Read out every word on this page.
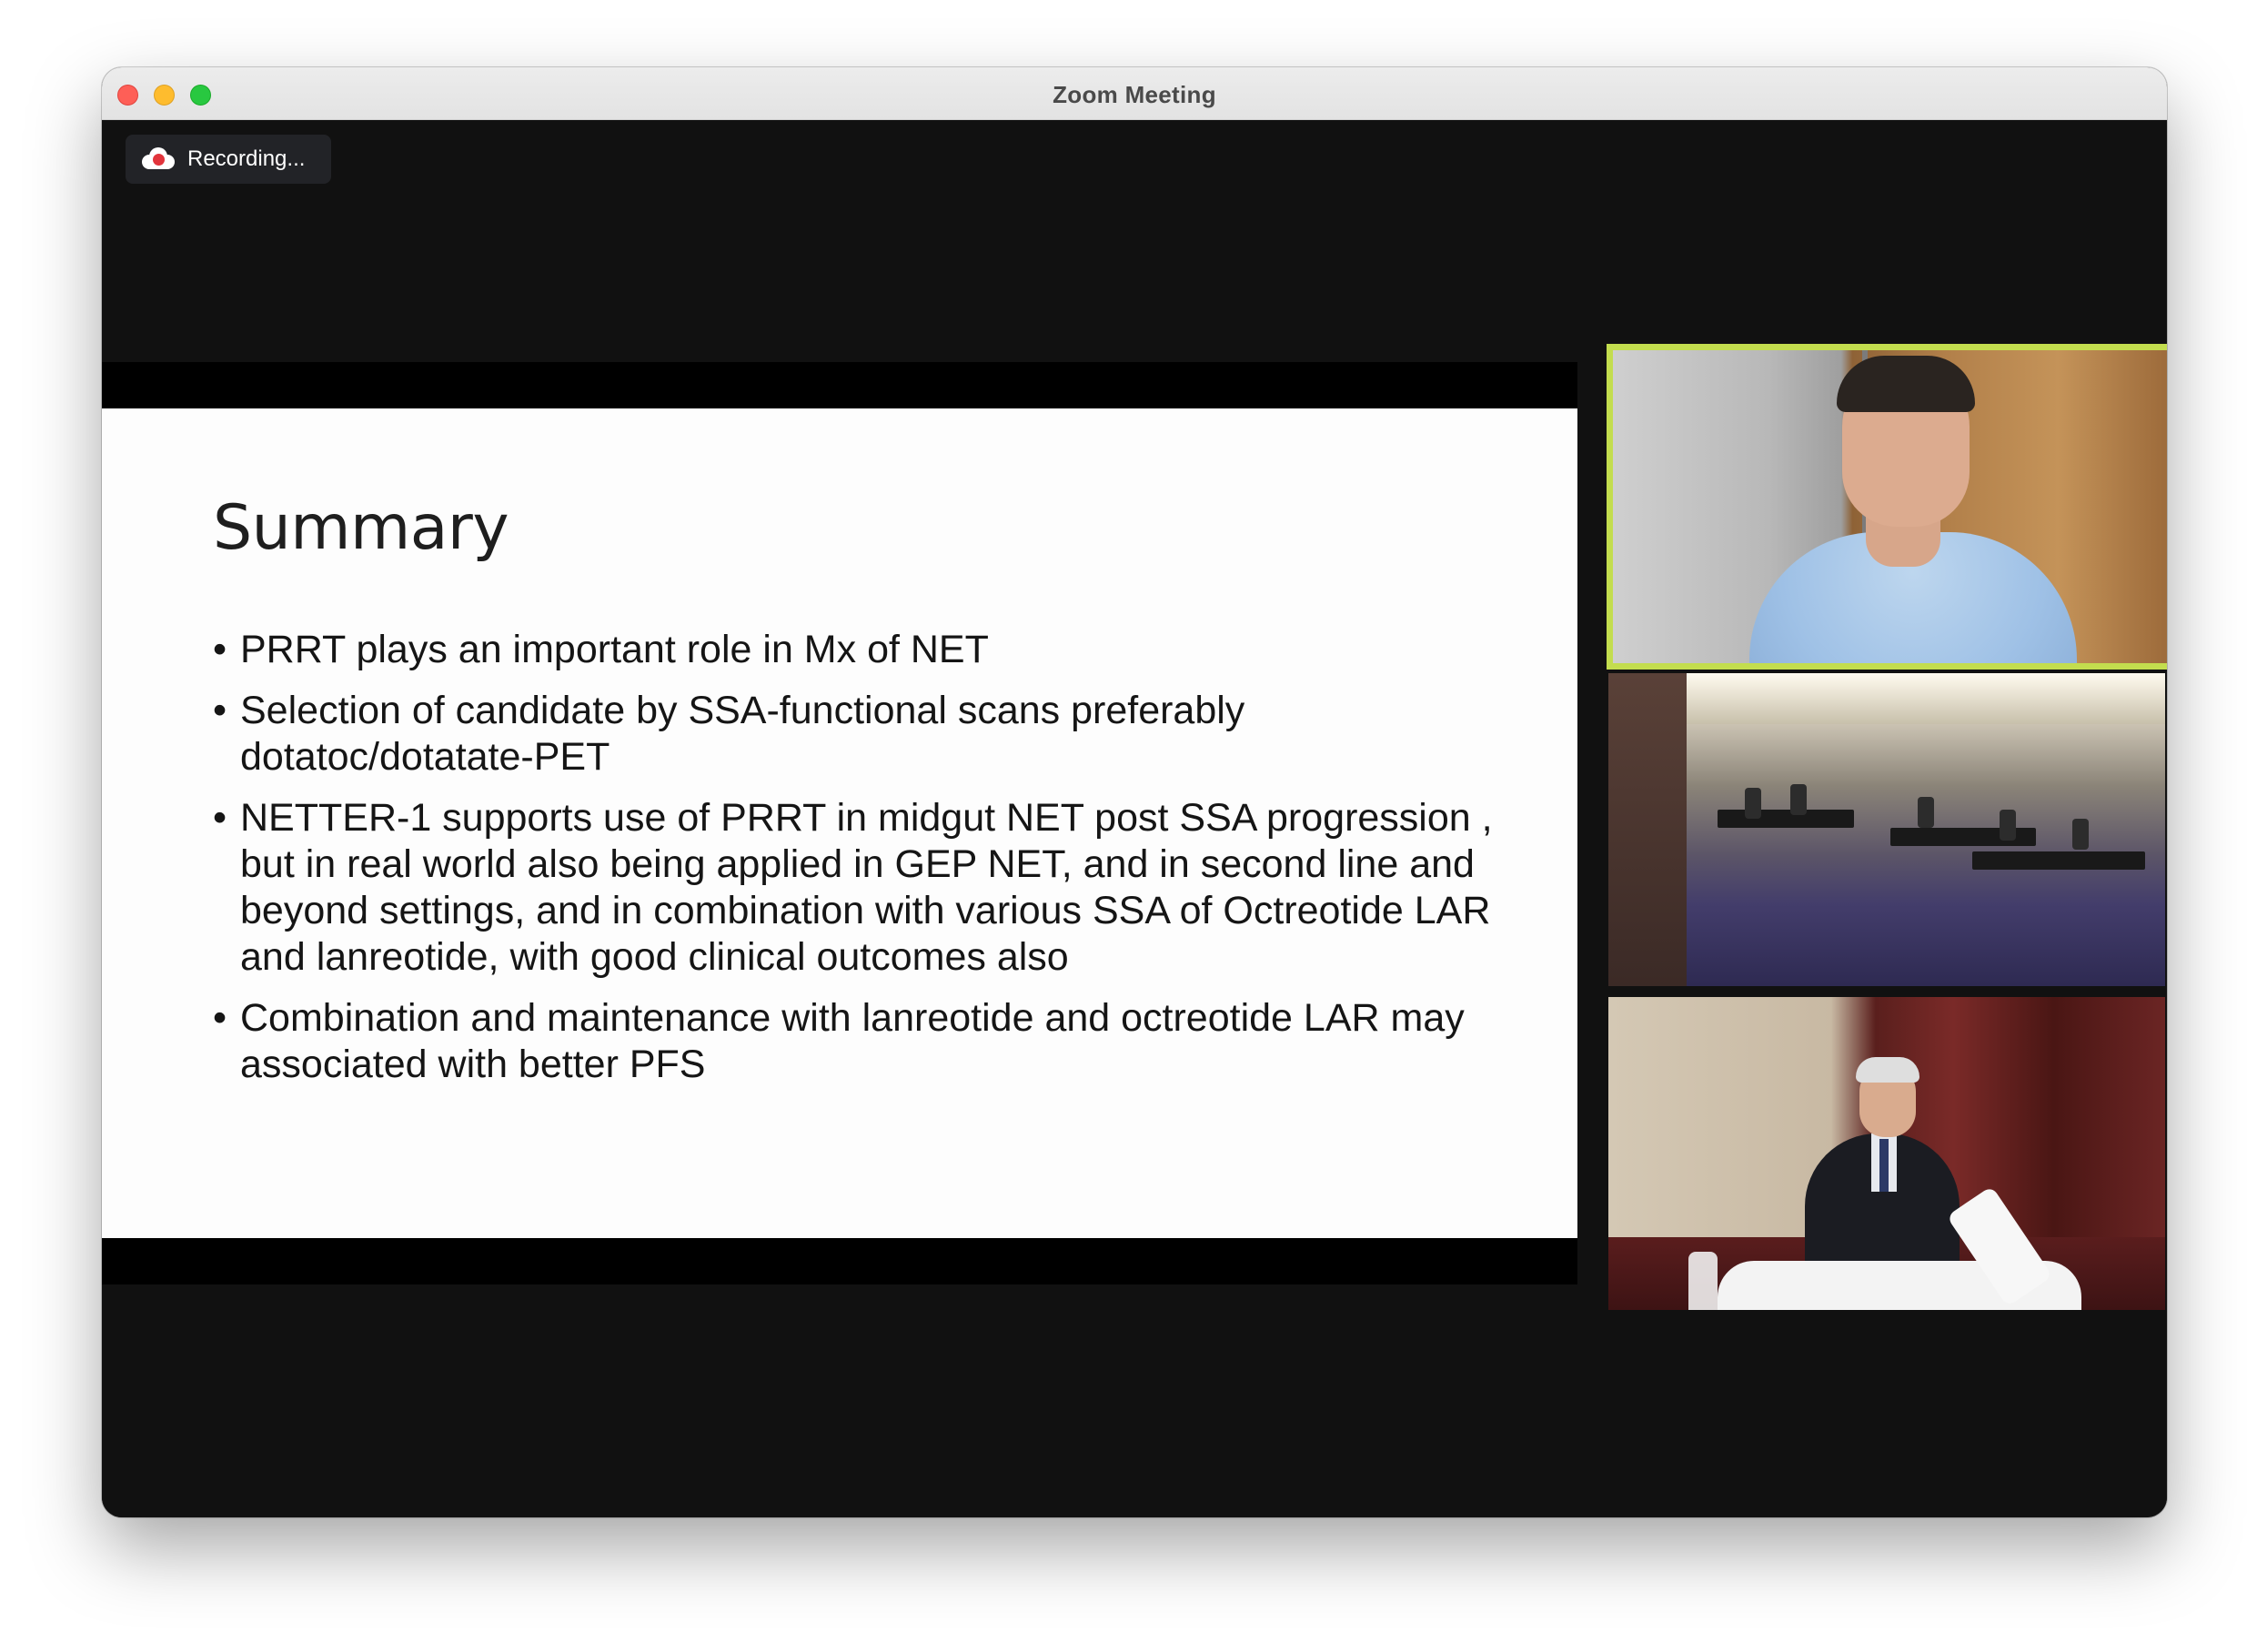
Zoom Meeting
Recording...
Summary
• PRRT plays an important role in Mx of NET
• Selection of candidate by SSA-functional scans preferably dotatoc/dotatate-PET
• NETTER-1 supports use of PRRT in midgut NET post SSA progression , but in real world also being applied in GEP NET, and in second line and beyond settings, and in combination with various SSA of Octreotide LAR and lanreotide, with good clinical outcomes also
• Combination and maintenance with lanreotide and octreotide LAR may associated with better PFS
